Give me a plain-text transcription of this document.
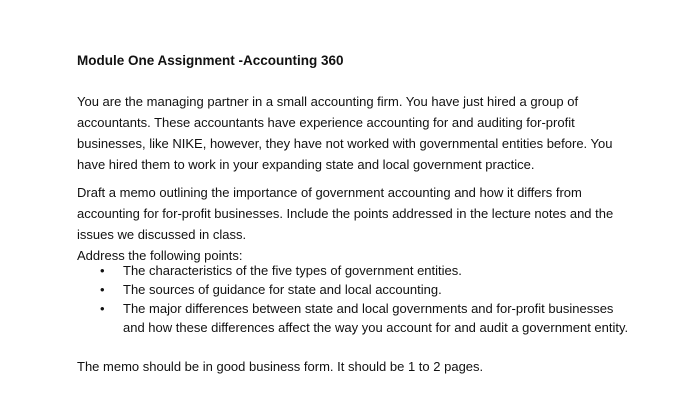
Module One Assignment -Accounting 360
You are the managing partner in a small accounting firm. You have just hired a group of
accountants. These accountants have experience accounting for and auditing for-profit
businesses, like NIKE, however, they have not worked with governmental entities before. You
have hired them to work in your expanding state and local government practice.
Draft a memo outlining the importance of government accounting and how it differs from
accounting for for-profit businesses. Include the points addressed in the lecture notes and the
issues we discussed in class.
Address the following points:
• The characteristics of the five types of government entities.
• The sources of guidance for state and local accounting.
• The major differences between state and local governments and for-profit businesses
and how these differences affect the way you account for and audit a government entity.
The memo should be in good business form. It should be 1 to 2 pages.
